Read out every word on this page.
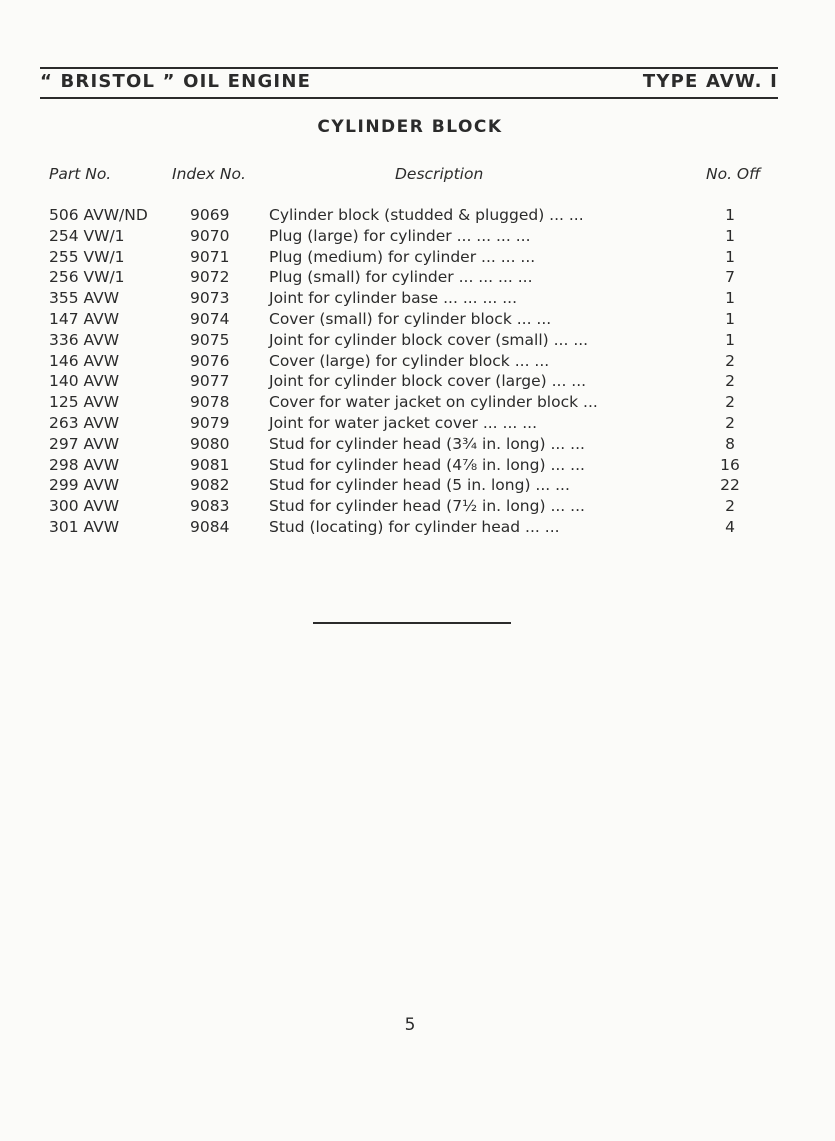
“ BRISTOL ” OIL ENGINE	TYPE AVW. I
CYLINDER BLOCK
Part No.	Index No.	Description	No. Off
506 AVW/ND	9069	Cylinder block (studded & plugged) ... ...	1
254 VW/1	9070	Plug (large) for cylinder ... ... ... ...	1
255 VW/1	9071	Plug (medium) for cylinder ... ... ...	1
256 VW/1	9072	Plug (small) for cylinder ... ... ... ...	7
355 AVW	9073	Joint for cylinder base ... ... ... ...	1
147 AVW	9074	Cover (small) for cylinder block ... ...	1
336 AVW	9075	Joint for cylinder block cover (small) ... ...	1
146 AVW	9076	Cover (large) for cylinder block ... ...	2
140 AVW	9077	Joint for cylinder block cover (large) ... ...	2
125 AVW	9078	Cover for water jacket on cylinder block ...	2
263 AVW	9079	Joint for water jacket cover ... ... ...	2
297 AVW	9080	Stud for cylinder head (3¾ in. long) ... ...	8
298 AVW	9081	Stud for cylinder head (4⅞ in. long) ... ...	16
299 AVW	9082	Stud for cylinder head (5 in. long) ... ...	22
300 AVW	9083	Stud for cylinder head (7½ in. long) ... ...	2
301 AVW	9084	Stud (locating) for cylinder head ... ...	4
5
